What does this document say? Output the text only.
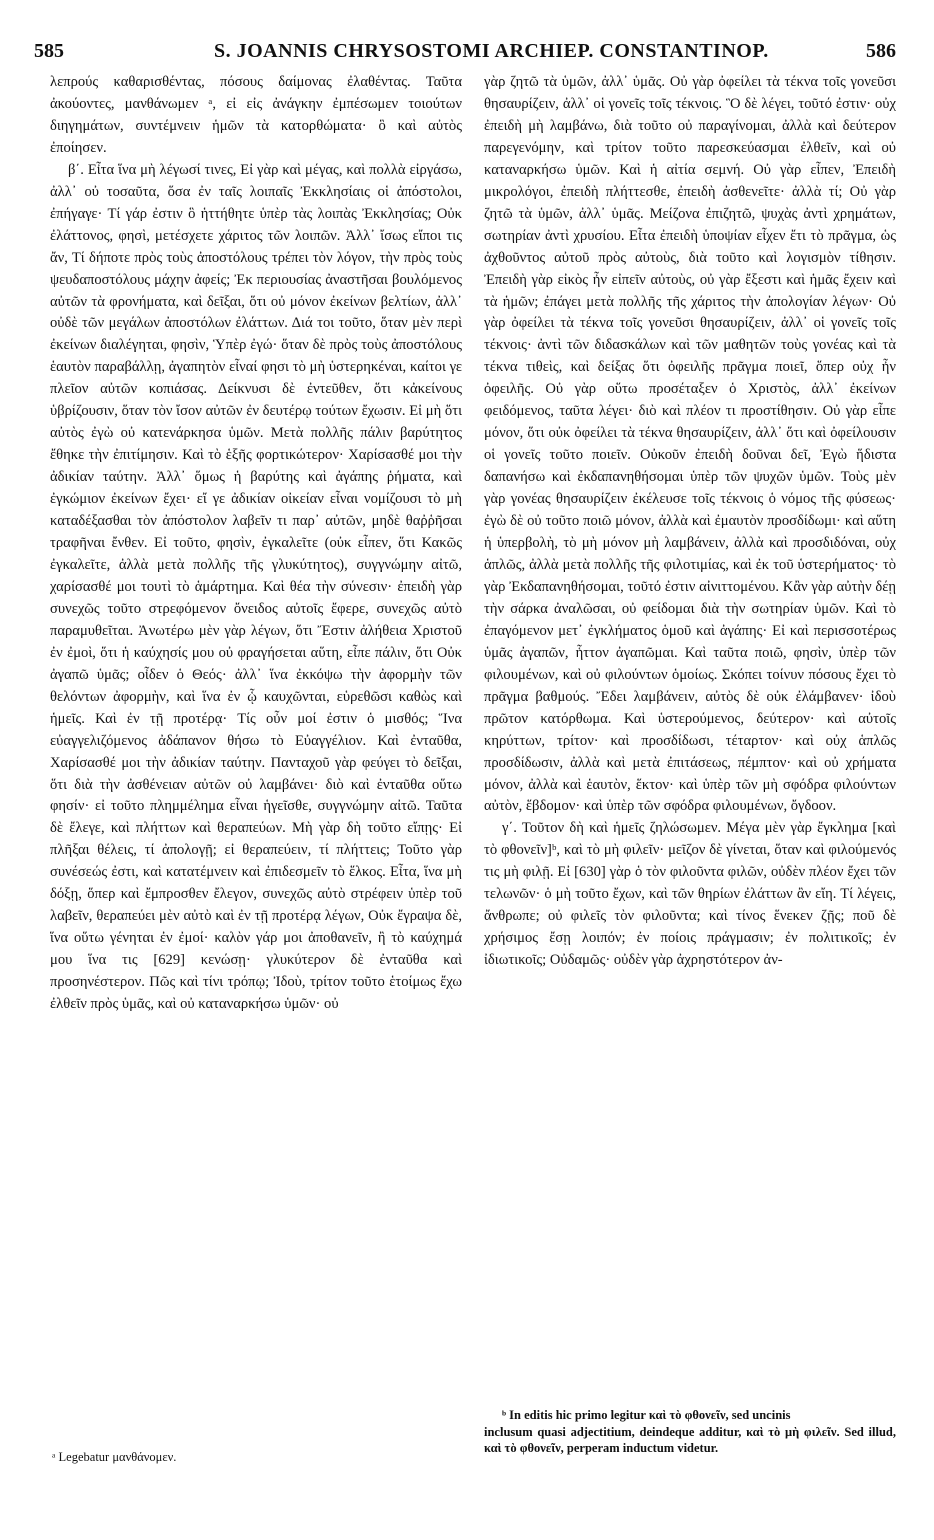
585	S. JOANNIS CHRYSOSTOMI ARCHIEP. CONSTANTINOP.	586

λεπρούς καθαρισθέντας, πόσους δαίμονας ἐλαθέντας. Ταῦτα ἀκούοντες, μανθάνωμεν ᵃ, εἰ εἰς ἀνάγκην ἐμπέσωμεν τοιούτων διηγημάτων, συντέμνειν ἡμῶν τὰ κατορθώματα· ὃ καὶ αὐτὸς ἐποίησεν.

β΄. Εἶτα ἵνα μὴ λέγωσί τινες, Εἰ γὰρ καὶ μέγας, καὶ πολλὰ εἰργάσω, ἀλλ᾽ οὐ τοσαῦτα, ὅσα ἐν ταῖς λοιπαῖς Ἐκκλησίαις οἱ ἀπόστολοι, ἐπήγαγε· Τί γάρ ἐστιν ὃ ἡττήθητε ὑπὲρ τὰς λοιπὰς Ἐκκλησίας; Οὐκ ἐλάττονος, φησὶ, μετέσχετε χάριτος τῶν λοιπῶν. Ἀλλ᾽ ἴσως εἴποι τις ἄν, Τί δήποτε πρὸς τοὺς ἀποστόλους τρέπει τὸν λόγον, τὴν πρὸς τοὺς ψευδαποστόλους μάχην ἀφείς; Ἐκ περιουσίας ἀναστῆσαι βουλόμενος αὐτῶν τὰ φρονήματα, καὶ δεῖξαι, ὅτι οὐ μόνον ἐκείνων βελτίων, ἀλλ᾽ οὐδὲ τῶν μεγάλων ἀποστόλων ἐλάττων. Διά τοι τοῦτο, ὅταν μὲν περὶ ἐκείνων διαλέγηται, φησὶν, Ὑπὲρ ἐγώ· ὅταν δὲ πρὸς τοὺς ἀποστόλους ἑαυτὸν παραβάλλῃ, ἀγαπητὸν εἶναί φησι τὸ μὴ ὑστερηκέναι, καίτοι γε πλεῖον αὐτῶν κοπιάσας. Δείκνυσι δὲ ἐντεῦθεν, ὅτι κἀκείνους ὑβρίζουσιν, ὅταν τὸν ἴσον αὐτῶν ἐν δευτέρῳ τούτων ἔχωσιν. Εἰ μὴ ὅτι αὐτὸς ἐγὼ οὐ κατενάρκησα ὑμῶν. Μετὰ πολλῆς πάλιν βαρύτητος ἔθηκε τὴν ἐπιτίμησιν. Καὶ τὸ ἑξῆς φορτικώτερον· Χαρίσασθέ μοι τὴν ἀδικίαν ταύτην. Ἀλλ᾽ ὅμως ἡ βαρύτης καὶ ἀγάπης ῥήματα, καὶ ἐγκώμιον ἐκείνων ἔχει· εἴ γε ἀδικίαν οἰκείαν εἶναι νομίζουσι τὸ μὴ καταδέξασθαι τὸν ἀπόστολον λαβεῖν τι παρ᾽ αὐτῶν, μηδὲ θαῤῥῆσαι τραφῆναι ἔνθεν. Εἰ τοῦτο, φησὶν, ἐγκαλεῖτε (οὐκ εἶπεν, ὅτι Κακῶς ἐγκαλεῖτε, ἀλλὰ μετὰ πολλῆς τῆς γλυκύτητος), συγγνώμην αἰτῶ, χαρίσασθέ μοι τουτὶ τὸ ἁμάρτημα. Καὶ θέα τὴν σύνεσιν· ἐπειδὴ γὰρ συνεχῶς τοῦτο στρεφόμενον ὄνειδος αὐτοῖς ἔφερε, συνεχῶς αὐτὸ παραμυθεῖται. Ἀνωτέρω μὲν γὰρ λέγων, ὅτι Ἔστιν ἀλήθεια Χριστοῦ ἐν ἐμοὶ, ὅτι ἡ καύχησίς μου οὐ φραγήσεται αὕτη, εἶπε πάλιν, ὅτι Οὐκ ἀγαπῶ ὑμᾶς; οἶδεν ὁ Θεός· ἀλλ᾽ ἵνα ἐκκόψω τὴν ἀφορμὴν τῶν θελόντων ἀφορμὴν, καὶ ἵνα ἐν ᾧ καυχῶνται, εὑρεθῶσι καθὼς καὶ ἡμεῖς. Καὶ ἐν τῇ προτέρᾳ· Τίς οὖν μοί ἐστιν ὁ μισθός; Ἵνα εὐαγγελιζόμενος ἀδάπανον θήσω τὸ Εὐαγγέλιον. Καὶ ἐνταῦθα, Χαρίσασθέ μοι τὴν ἀδικίαν ταύτην. Πανταχοῦ γὰρ φεύγει τὸ δεῖξαι, ὅτι διὰ τὴν ἀσθένειαν αὐτῶν οὐ λαμβάνει· διὸ καὶ ἐνταῦθα οὕτω φησίν· εἰ τοῦτο πλημμέλημα εἶναι ἡγεῖσθε, συγγνώμην αἰτῶ. Ταῦτα δὲ ἔλεγε, καὶ πλήττων καὶ θεραπεύων. Μὴ γὰρ δὴ τοῦτο εἴπῃς· Εἰ πλῆξαι θέλεις, τί ἀπολογῇ; εἰ θεραπεύειν, τί πλήττεις; Τοῦτο γὰρ συνέσεώς ἐστι, καὶ κατατέμνειν καὶ ἐπιδεσμεῖν τὸ ἕλκος. Εἶτα, ἵνα μὴ δόξῃ, ὅπερ καὶ ἔμπροσθεν ἔλεγον, συνεχῶς αὐτὸ στρέφειν ὑπὲρ τοῦ λαβεῖν, θεραπεύει μὲν αὐτὸ καὶ ἐν τῇ προτέρᾳ λέγων, Οὐκ ἔγραψα δὲ, ἵνα οὕτω γένηται ἐν ἐμοί· καλὸν γάρ μοι ἀποθανεῖν, ἢ τὸ καύχημά μου ἵνα τις [629] κενώσῃ· γλυκύτερον δὲ ἐνταῦθα καὶ προσηνέστερον. Πῶς καὶ τίνι τρόπῳ; Ἰδοὺ, τρίτον τοῦτο ἑτοίμως ἔχω ἐλθεῖν πρὸς ὑμᾶς, καὶ οὐ καταναρκήσω ὑμῶν· οὐ

γὰρ ζητῶ τὰ ὑμῶν, ἀλλ᾽ ὑμᾶς. Οὐ γὰρ ὀφείλει τὰ τέκνα τοῖς γονεῦσι θησαυρίζειν, ἀλλ᾽ οἱ γονεῖς τοῖς τέκνοις. Ὃ δὲ λέγει, τοῦτό ἐστιν· οὐχ ἐπειδὴ μὴ λαμβάνω, διὰ τοῦτο οὐ παραγίνομαι, ἀλλὰ καὶ δεύτερον παρεγενόμην, καὶ τρίτον τοῦτο παρεσκεύασμαι ἐλθεῖν, καὶ οὐ καταναρκήσω ὑμῶν. Καὶ ἡ αἰτία σεμνή. Οὐ γὰρ εἶπεν, Ἐπειδὴ μικρολόγοι, ἐπειδὴ πλήττεσθε, ἐπειδὴ ἀσθενεῖτε· ἀλλὰ τί; Οὐ γὰρ ζητῶ τὰ ὑμῶν, ἀλλ᾽ ὑμᾶς. Μείζονα ἐπιζητῶ, ψυχὰς ἀντὶ χρημάτων, σωτηρίαν ἀντὶ χρυσίου. Εἶτα ἐπειδὴ ὑποψίαν εἶχεν ἔτι τὸ πρᾶγμα, ὡς ἀχθοῦντος αὐτοῦ πρὸς αὐτοὺς, διὰ τοῦτο καὶ λογισμὸν τίθησιν. Ἐπειδὴ γὰρ εἰκὸς ἦν εἰπεῖν αὐτοὺς, οὐ γὰρ ἔξεστι καὶ ἡμᾶς ἔχειν καὶ τὰ ἡμῶν; ἐπάγει μετὰ πολλῆς τῆς χάριτος τὴν ἀπολογίαν λέγων· Οὐ γὰρ ὀφείλει τὰ τέκνα τοῖς γονεῦσι θησαυρίζειν, ἀλλ᾽ οἱ γονεῖς τοῖς τέκνοις· ἀντὶ τῶν διδασκάλων καὶ τῶν μαθητῶν τοὺς γονέας καὶ τὰ τέκνα τιθεὶς, καὶ δείξας ὅτι ὀφειλῆς πρᾶγμα ποιεῖ, ὅπερ οὐχ ἦν ὀφειλῆς. Οὐ γὰρ οὕτω προσέταξεν ὁ Χριστὸς, ἀλλ᾽ ἐκείνων φειδόμενος, ταῦτα λέγει· διὸ καὶ πλέον τι προστίθησιν. Οὐ γὰρ εἶπε μόνον, ὅτι οὐκ ὀφείλει τὰ τέκνα θησαυρίζειν, ἀλλ᾽ ὅτι καὶ ὀφείλουσιν οἱ γονεῖς τοῦτο ποιεῖν. Οὐκοῦν ἐπειδὴ δοῦναι δεῖ, Ἐγὼ ἥδιστα δαπανήσω καὶ ἐκδαπανηθήσομαι ὑπὲρ τῶν ψυχῶν ὑμῶν. Τοὺς μὲν γὰρ γονέας θησαυρίζειν ἐκέλευσε τοῖς τέκνοις ὁ νόμος τῆς φύσεως· ἐγὼ δὲ οὐ τοῦτο ποιῶ μόνον, ἀλλὰ καὶ ἐμαυτὸν προσδίδωμι· καὶ αὕτη ἡ ὑπερβολὴ, τὸ μὴ μόνον μὴ λαμβάνειν, ἀλλὰ καὶ προσδιδόναι, οὐχ ἁπλῶς, ἀλλὰ μετὰ πολλῆς τῆς φιλοτιμίας, καὶ ἐκ τοῦ ὑστερήματος· τὸ γὰρ Ἐκδαπανηθήσομαι, τοῦτό ἐστιν αἰνιττομένου. Κἂν γὰρ αὐτὴν δέῃ τὴν σάρκα ἀναλῶσαι, οὐ φείδομαι διὰ τὴν σωτηρίαν ὑμῶν. Καὶ τὸ ἐπαγόμενον μετ᾽ ἐγκλήματος ὁμοῦ καὶ ἀγάπης· Εἰ καὶ περισσοτέρως ὑμᾶς ἀγαπῶν, ἧττον ἀγαπῶμαι. Καὶ ταῦτα ποιῶ, φησὶν, ὑπὲρ τῶν φιλουμένων, καὶ οὐ φιλούντων ὁμοίως. Σκόπει τοίνυν πόσους ἔχει τὸ πρᾶγμα βαθμούς. Ἔδει λαμβάνειν, αὐτὸς δὲ οὐκ ἐλάμβανεν· ἰδοὺ πρῶτον κατόρθωμα. Καὶ ὑστερούμενος, δεύτερον· καὶ αὐτοῖς κηρύττων, τρίτον· καὶ προσδίδωσι, τέταρτον· καὶ οὐχ ἁπλῶς προσδίδωσιν, ἀλλὰ καὶ μετὰ ἐπιτάσεως, πέμπτον· καὶ οὐ χρήματα μόνον, ἀλλὰ καὶ ἑαυτὸν, ἕκτον· καὶ ὑπὲρ τῶν μὴ σφόδρα φιλούντων αὐτὸν, ἕβδομον· καὶ ὑπὲρ τῶν σφόδρα φιλουμένων, ὄγδοον.

γ΄. Τοῦτον δὴ καὶ ἡμεῖς ζηλώσωμεν. Μέγα μὲν γὰρ ἔγκλημα [καὶ τὸ φθονεῖν]ᵇ, καὶ τὸ μὴ φιλεῖν· μεῖζον δὲ γίνεται, ὅταν καὶ φιλούμενός τις μὴ φιλῇ. Εἰ [630] γὰρ ὁ τὸν φιλοῦντα φιλῶν, οὐδὲν πλέον ἔχει τῶν τελωνῶν· ὁ μὴ τοῦτο ἔχων, καὶ τῶν θηρίων ἐλάττων ἂν εἴη. Τί λέγεις, ἄνθρωπε; οὐ φιλεῖς τὸν φιλοῦντα; καὶ τίνος ἕνεκεν ζῇς; ποῦ δὲ χρήσιμος ἔσῃ λοιπόν; ἐν ποίοις πράγμασιν; ἐν πολιτικοῖς; ἐν ἰδιωτικοῖς; Οὐδαμῶς· οὐδὲν γὰρ ἀχρηστότερον ἀν-

ᵃ Legebatur μανθάνομεν.
ᵇ In editis hic primo legitur καὶ τὸ φθονεῖν, sed uncinis
inclusum quasi adjectitium, deindeque additur, καὶ τὸ μὴ φιλεῖν. Sed illud, καὶ τὸ φθονεῖν, perperam inductum videtur.
